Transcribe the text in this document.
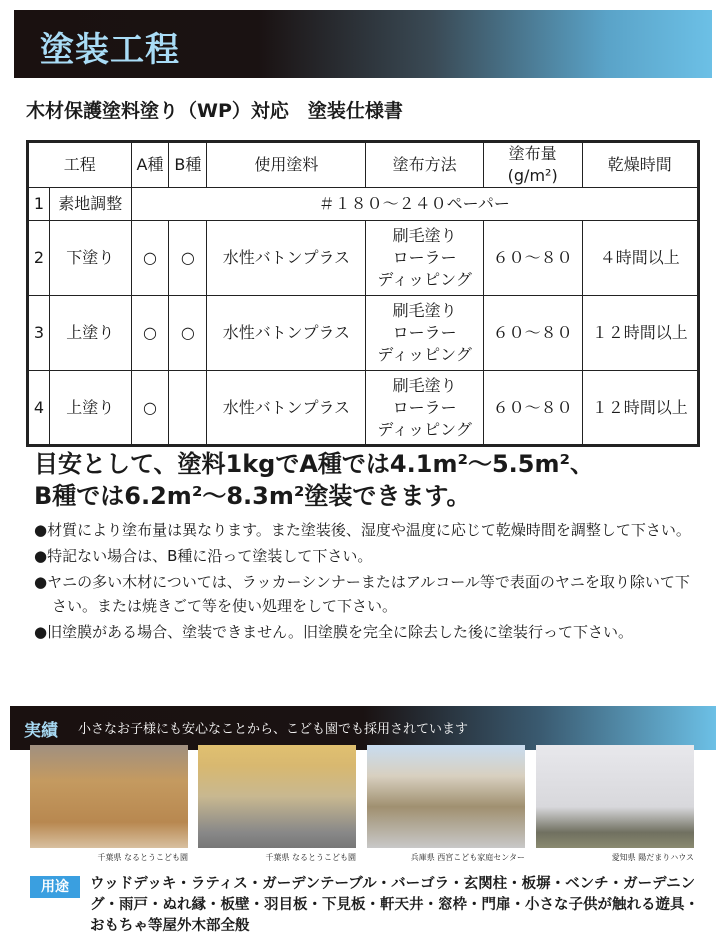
塗装工程
木材保護塗料塗り（WP）対応　塗装仕様書
工程		A種	B種	使用塗料	塗布方法	塗布量 (g/m²)	乾燥時間
1	素地調整	＃１８０～２４０ペーパー					
2	下塗り	○	○	水性バトンプラス	刷毛塗り
ローラー
ディッピング	６０～８０	４時間以上
3	上塗り	○	○	水性バトンプラス	刷毛塗り
ローラー
ディッピング	６０～８０	１２時間以上
4	上塗り	○		水性バトンプラス	刷毛塗り
ローラー
ディッピング	６０～８０	１２時間以上
目安として、塗料1kgでA種では4.1m²～5.5m²、
B種では6.2m²～8.3m²塗装できます。
●材質により塗布量は異なります。また塗装後、湿度や温度に応じて乾燥時間を調整して下さい。
●特記ない場合は、B種に沿って塗装して下さい。
●ヤニの多い木材については、ラッカーシンナーまたはアルコール等で表面のヤニを取り除いて下さい。または焼きごて等を使い処理をして下さい。
●旧塗膜がある場合、塗装できません。旧塗膜を完全に除去した後に塗装行って下さい。
実績 小さなお子様にも安心なことから、こども園でも採用されています
千葉県 なるとうこども園	千葉県 なるとうこども園	兵庫県 西宮こども家庭センター	愛知県 陽だまりハウス
用途	ウッドデッキ・ラティス・ガーデンテーブル・バーゴラ・玄関柱・板塀・ベンチ・ガーデニング・雨戸・ぬれ縁・板壁・羽目板・下見板・軒天井・窓枠・門扉・小さな子供が触れる遊具・おもちゃ等屋外木部全般
